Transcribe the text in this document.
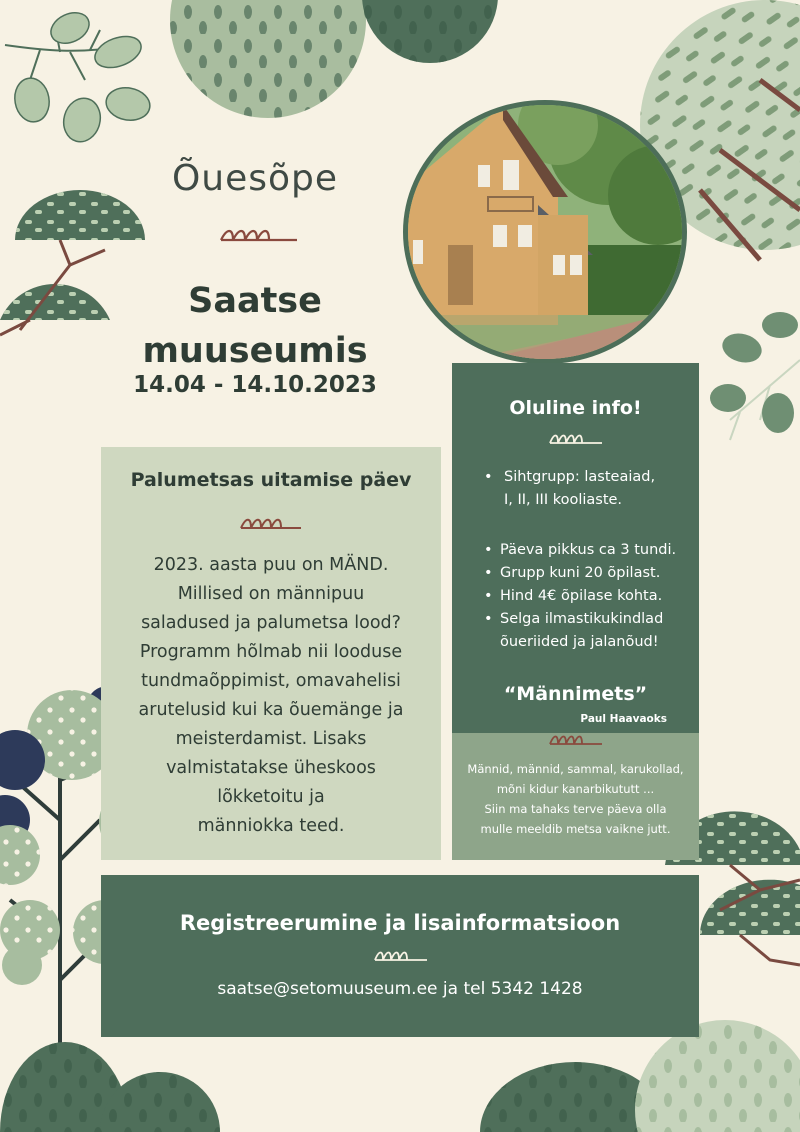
Õuesõpe
Saatse
muuseumis
14.04 - 14.10.2023
Palumetsas uitamise päev
2023. aasta puu on MÄND.
Millised on männipuu
saladused ja palumetsa lood?
Programm hõlmab nii looduse
tundmaõppimist, omavahelisi
arutelusid kui ka õuemänge ja
meisterdamist. Lisaks
valmistatakse üheskoos
lõkketoitu ja
männiokka teed.
Oluline info!
• Sihtgrupp: lasteaiad,
I, II, III kooliaste.
• Päeva pikkus ca 3 tundi.
• Grupp kuni 20 õpilast.
• Hind 4€ õpilase kohta.
• Selga ilmastikukindlad
õueriided ja jalanõud!
“Männimets”
Paul Haavaoks
Männid, männid, sammal, karukollad,
mõni kidur kanarbikututt ...
Siin ma tahaks terve päeva olla
mulle meeldib metsa vaikne jutt.
Registreerumine ja lisainformatsioon
saatse@setomuuseum.ee ja tel 5342 1428
